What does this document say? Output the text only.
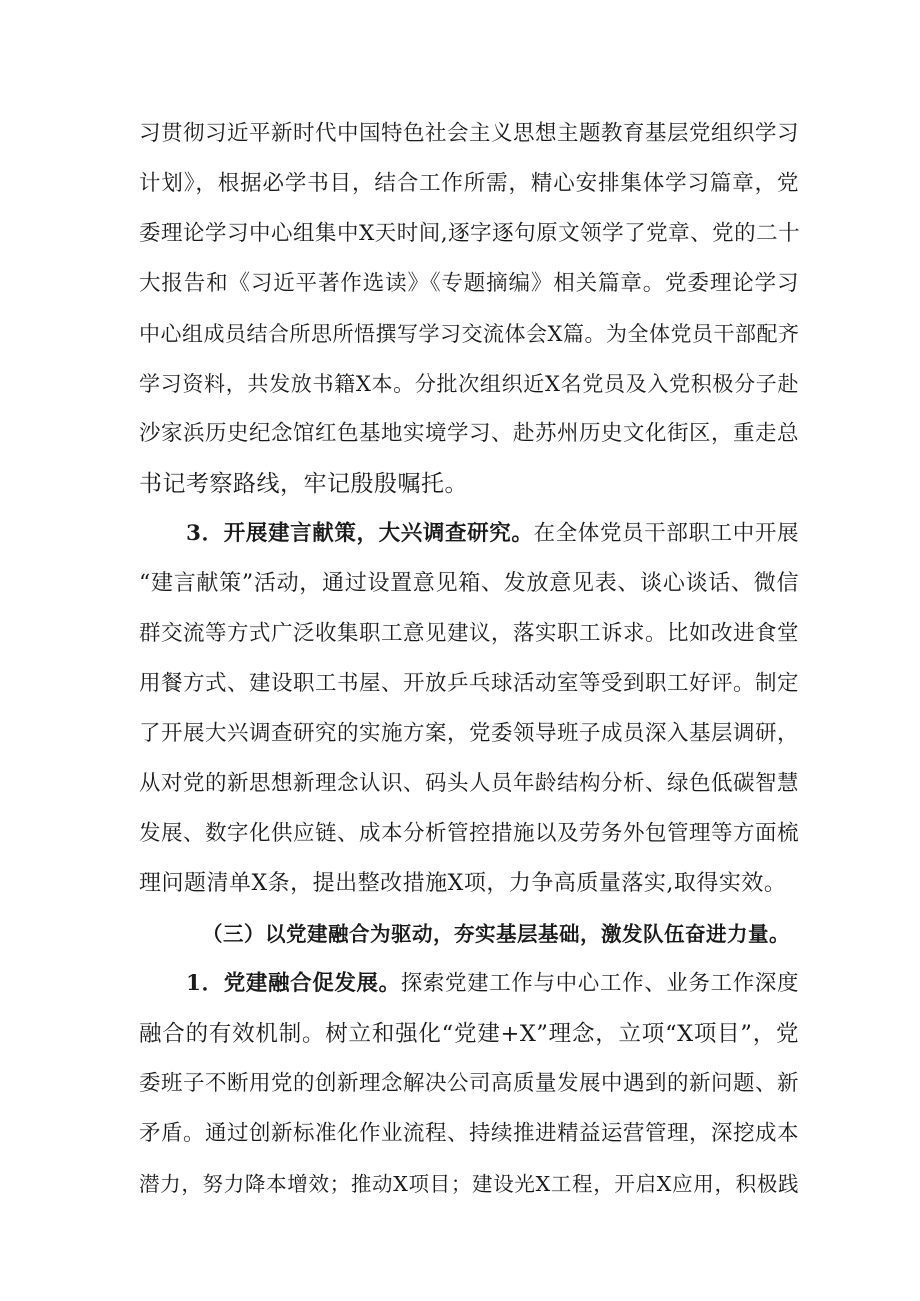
习贯彻习近平新时代中国特色社会主义思想主题教育基层党组织学习
计划》，根据必学书目，结合工作所需，精心安排集体学习篇章，党
委理论学习中心组集中X天时间,逐字逐句原文领学了党章、党的二十
大报告和《习近平著作选读》《专题摘编》相关篇章。党委理论学习
中心组成员结合所思所悟撰写学习交流体会X篇。为全体党员干部配齐
学习资料，共发放书籍X本。分批次组织近X名党员及入党积极分子赴
沙家浜历史纪念馆红色基地实境学习、赴苏州历史文化街区，重走总
书记考察路线，牢记殷殷嘱托。
3．开展建言献策，大兴调查研究。在全体党员干部职工中开展
“建言献策”活动，通过设置意见箱、发放意见表、谈心谈话、微信
群交流等方式广泛收集职工意见建议，落实职工诉求。比如改进食堂
用餐方式、建设职工书屋、开放乒乓球活动室等受到职工好评。制定
了开展大兴调查研究的实施方案，党委领导班子成员深入基层调研，
从对党的新思想新理念认识、码头人员年龄结构分析、绿色低碳智慧
发展、数字化供应链、成本分析管控措施以及劳务外包管理等方面梳
理问题清单X条，提出整改措施X项，力争高质量落实,取得实效。
（三）以党建融合为驱动，夯实基层基础，激发队伍奋进力量。
1．党建融合促发展。探索党建工作与中心工作、业务工作深度
融合的有效机制。树立和强化“党建+X”理念，立项“X项目”，党
委班子不断用党的创新理念解决公司高质量发展中遇到的新问题、新
矛盾。通过创新标准化作业流程、持续推进精益运营管理，深挖成本
潜力，努力降本增效；推动X项目；建设光X工程，开启X应用，积极践
